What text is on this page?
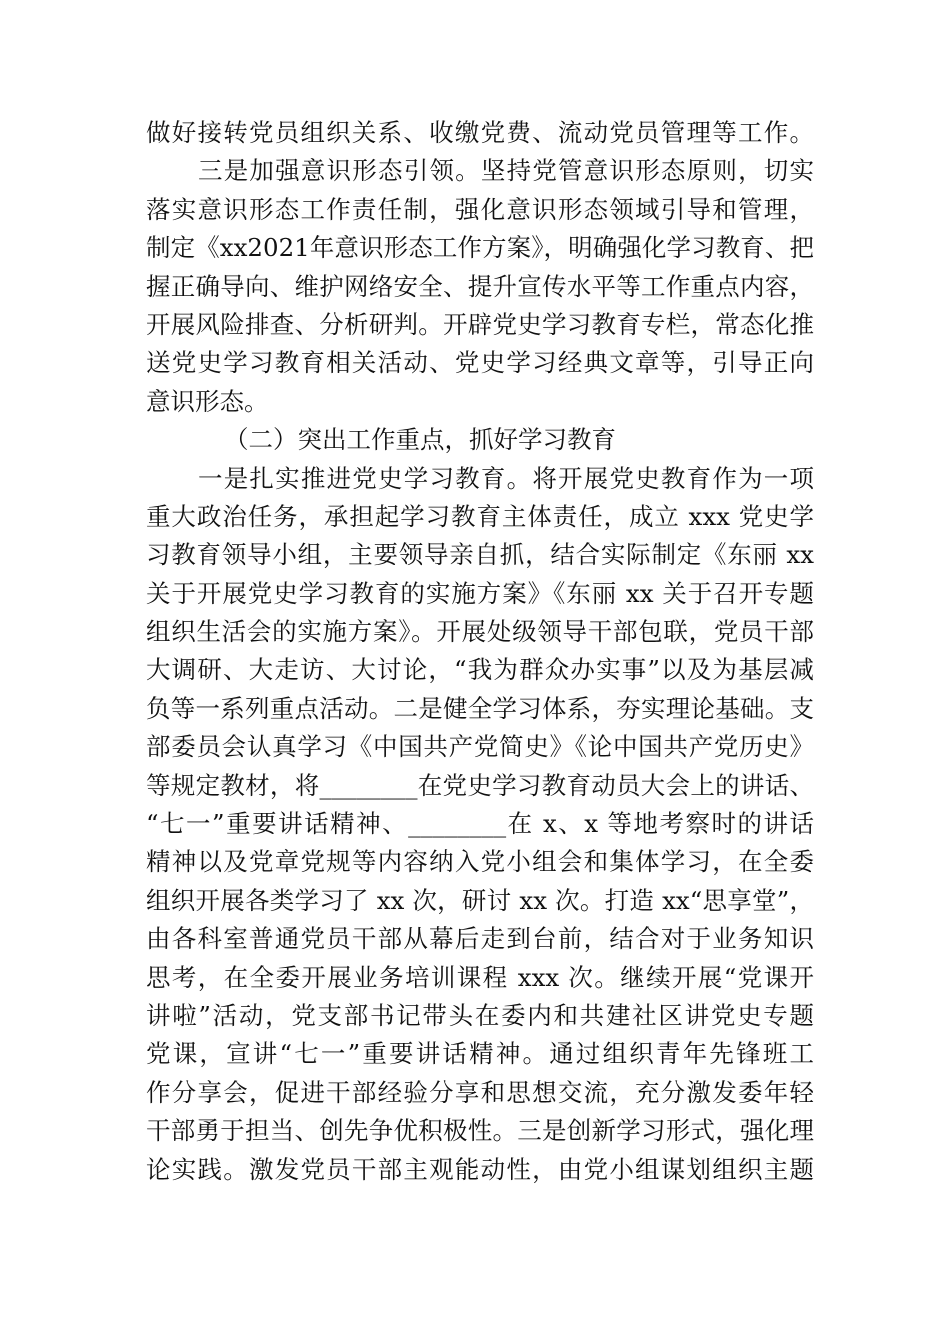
做好接转党员组织关系、收缴党费、流动党员管理等工作。
三是加强意识形态引领。坚持党管意识形态原则，切实
落实意识形态工作责任制，强化意识形态领域引导和管理，
制定《xx2021年意识形态工作方案》，明确强化学习教育、把
握正确导向、维护网络安全、提升宣传水平等工作重点内容，
开展风险排查、分析研判。开辟党史学习教育专栏，常态化推
送党史学习教育相关活动、党史学习经典文章等，引导正向
意识形态。
（二）突出工作重点，抓好学习教育
一是扎实推进党史学习教育。将开展党史教育作为一项
重大政治任务，承担起学习教育主体责任，成立 xxx 党史学
习教育领导小组，主要领导亲自抓，结合实际制定《东丽 xx
关于开展党史学习教育的实施方案》《东丽 xx 关于召开专题
组织生活会的实施方案》。开展处级领导干部包联，党员干部
大调研、大走访、大讨论，“我为群众办实事”以及为基层减
负等一系列重点活动。二是健全学习体系，夯实理论基础。支
部委员会认真学习《中国共产党简史》《论中国共产党历史》
等规定教材，将________在党史学习教育动员大会上的讲话、
“七一”重要讲话精神、________在 x、x 等地考察时的讲话
精神以及党章党规等内容纳入党小组会和集体学习，在全委
组织开展各类学习了 xx 次，研讨 xx 次。打造 xx“思享堂”，
由各科室普通党员干部从幕后走到台前，结合对于业务知识
思考，在全委开展业务培训课程 xxx 次。继续开展“党课开
讲啦”活动，党支部书记带头在委内和共建社区讲党史专题
党课，宣讲“七一”重要讲话精神。通过组织青年先锋班工
作分享会，促进干部经验分享和思想交流，充分激发委年轻
干部勇于担当、创先争优积极性。三是创新学习形式，强化理
论实践。激发党员干部主观能动性，由党小组谋划组织主题
